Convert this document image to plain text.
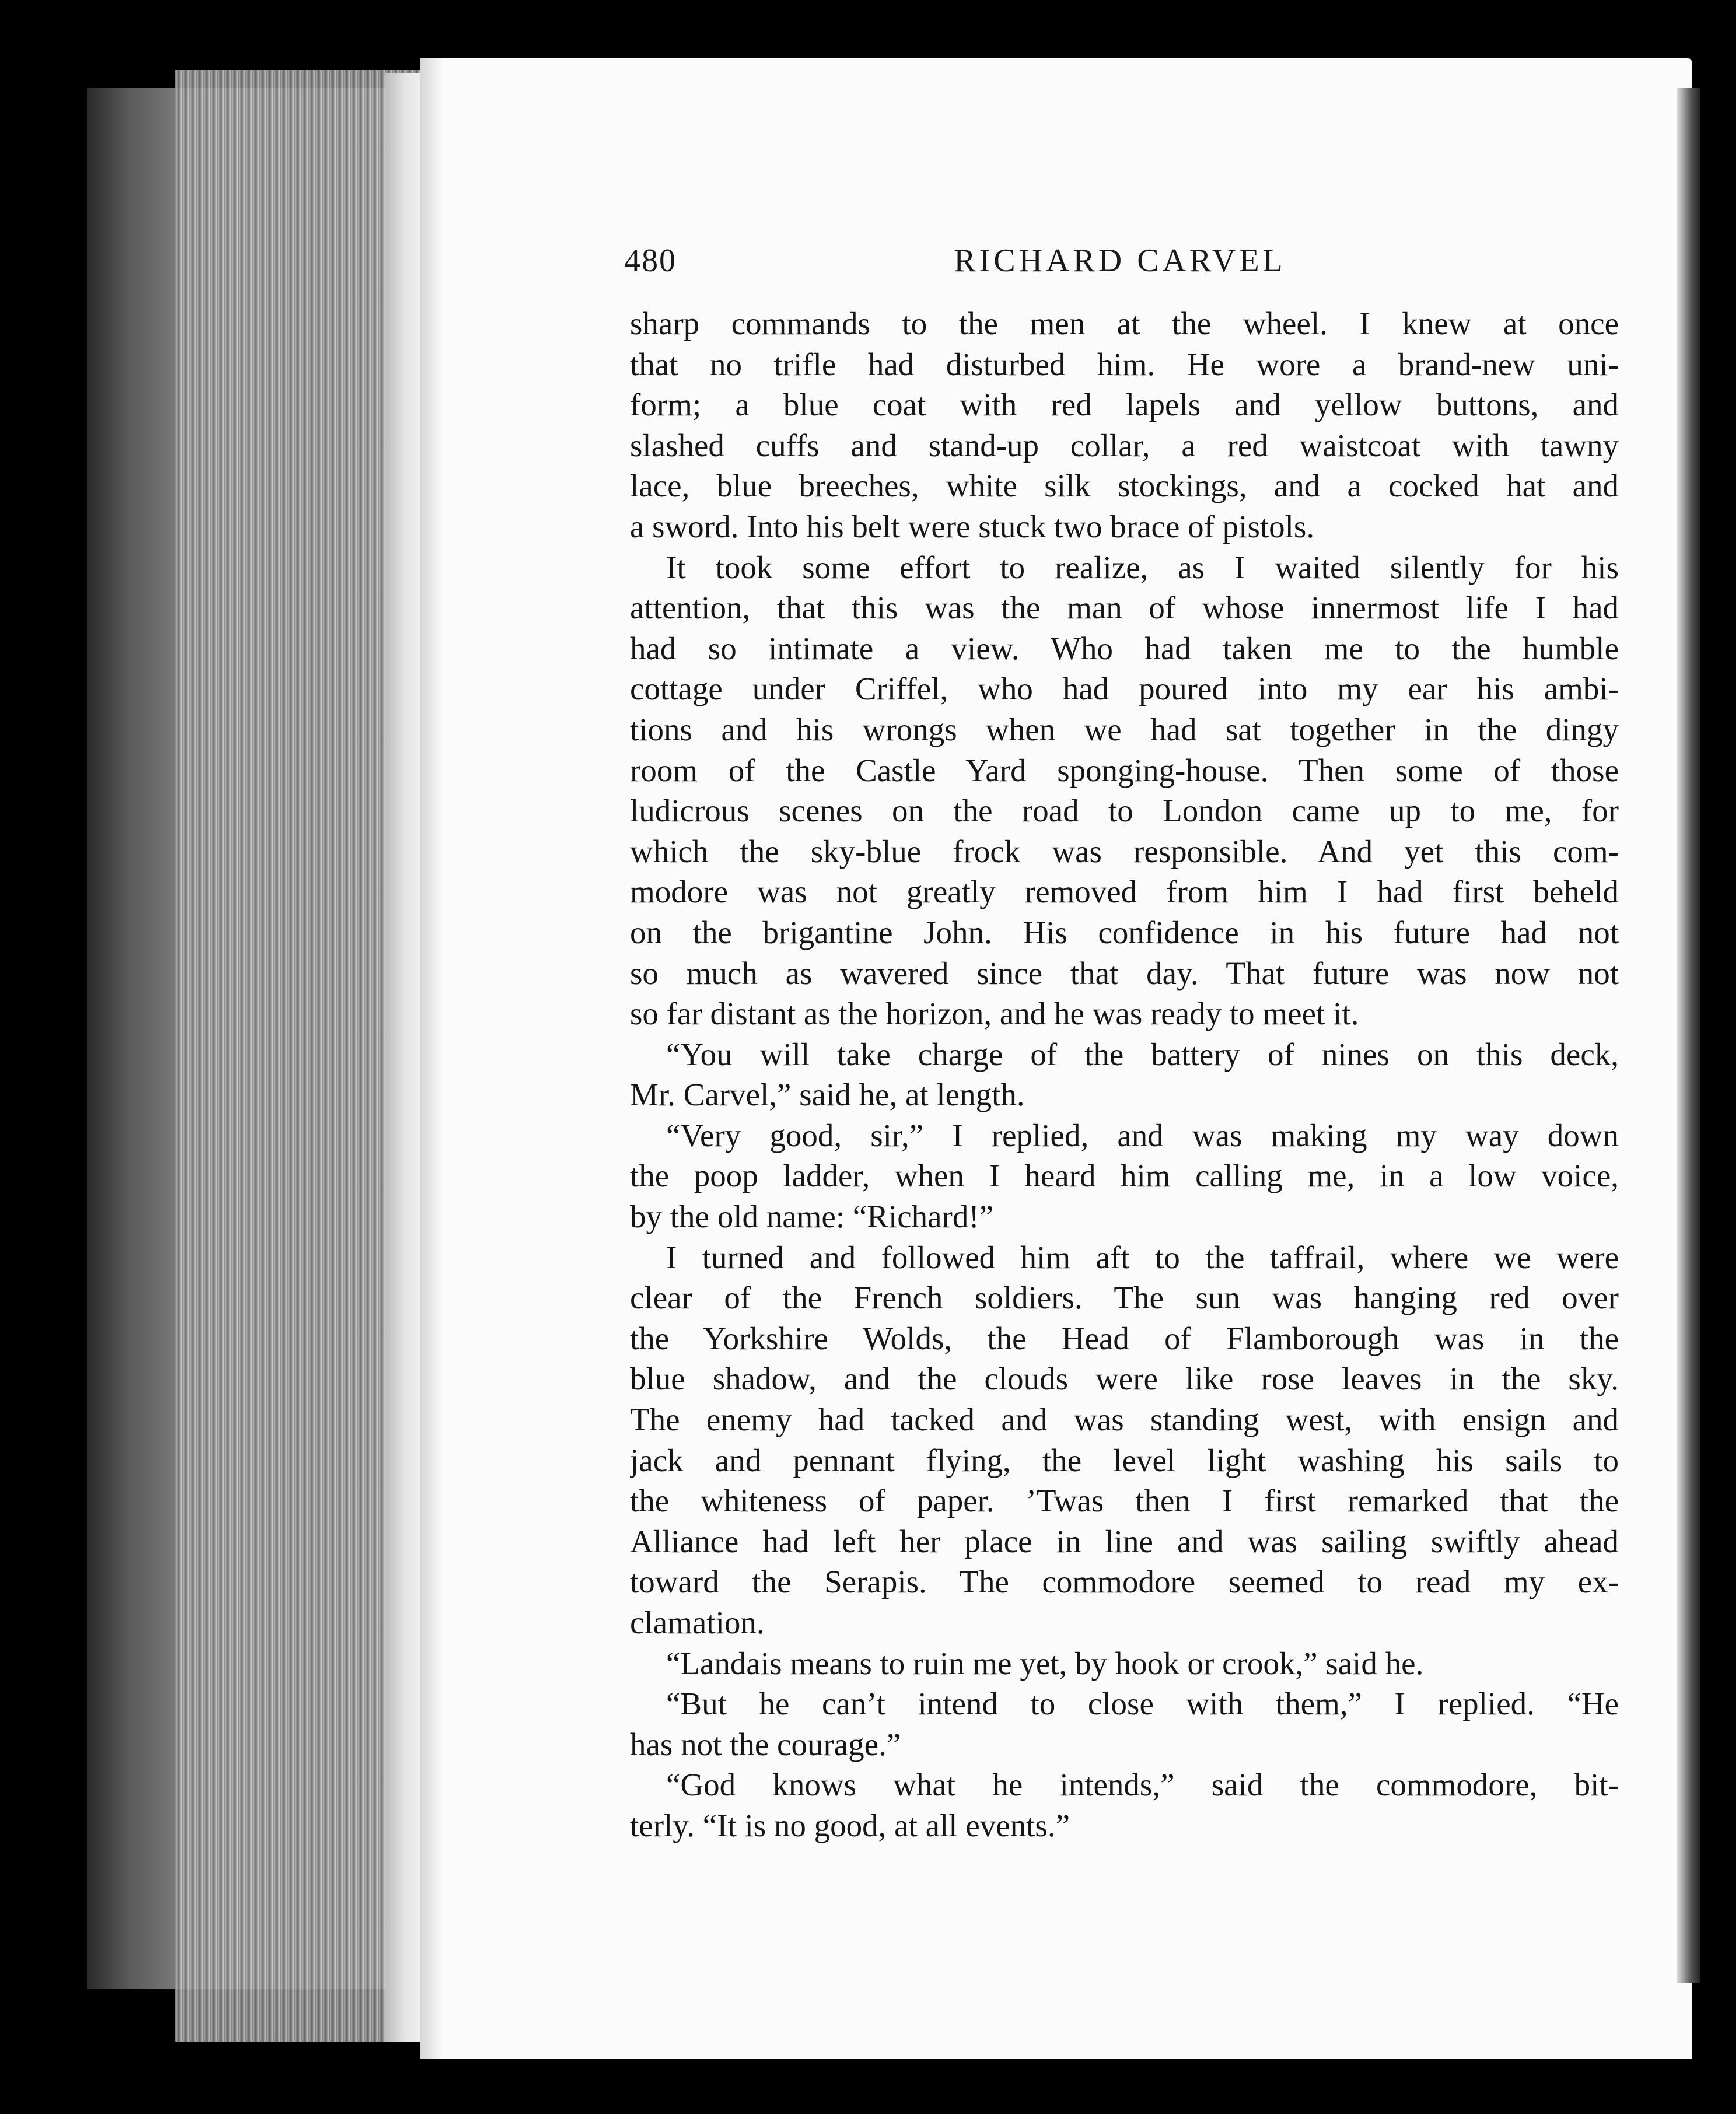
480	RICHARD CARVEL
sharp commands to the men at the wheel. I knew at once
that no trifle had disturbed him. He wore a brand-new uni-
form; a blue coat with red lapels and yellow buttons, and
slashed cuffs and stand-up collar, a red waistcoat with tawny
lace, blue breeches, white silk stockings, and a cocked hat and
a sword. Into his belt were stuck two brace of pistols.
It took some effort to realize, as I waited silently for his
attention, that this was the man of whose innermost life I had
had so intimate a view. Who had taken me to the humble
cottage under Criffel, who had poured into my ear his ambi-
tions and his wrongs when we had sat together in the dingy
room of the Castle Yard sponging-house. Then some of those
ludicrous scenes on the road to London came up to me, for
which the sky-blue frock was responsible. And yet this com-
modore was not greatly removed from him I had first beheld
on the brigantine John. His confidence in his future had not
so much as wavered since that day. That future was now not
so far distant as the horizon, and he was ready to meet it.
“You will take charge of the battery of nines on this deck,
Mr. Carvel,” said he, at length.
“Very good, sir,” I replied, and was making my way down
the poop ladder, when I heard him calling me, in a low voice,
by the old name: “Richard!”
I turned and followed him aft to the taffrail, where we were
clear of the French soldiers. The sun was hanging red over
the Yorkshire Wolds, the Head of Flamborough was in the
blue shadow, and the clouds were like rose leaves in the sky.
The enemy had tacked and was standing west, with ensign and
jack and pennant flying, the level light washing his sails to
the whiteness of paper. ’Twas then I first remarked that the
Alliance had left her place in line and was sailing swiftly ahead
toward the Serapis. The commodore seemed to read my ex-
clamation.
“Landais means to ruin me yet, by hook or crook,” said he.
“But he can’t intend to close with them,” I replied. “He
has not the courage.”
“God knows what he intends,” said the commodore, bit-
terly. “It is no good, at all events.”
